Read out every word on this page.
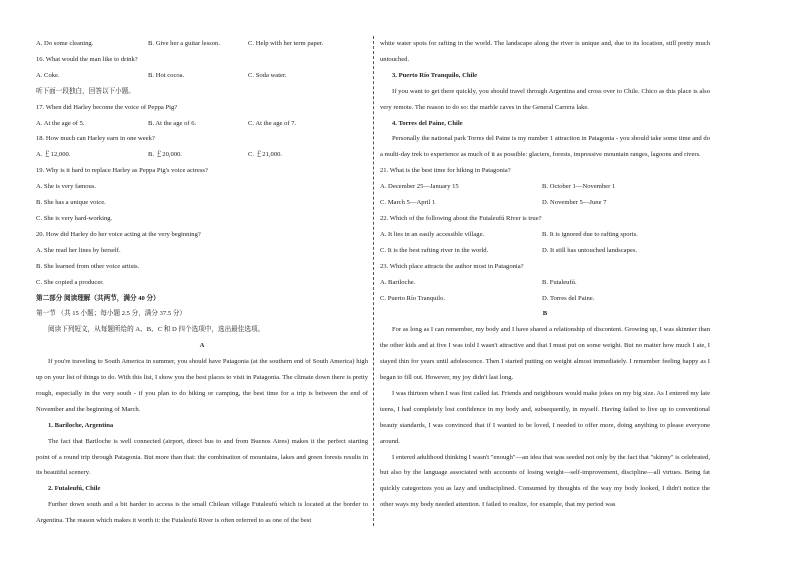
A. Do some cleaning.	B. Give her a guitar lesson.	C. Help with her term paper.
16. What would the man like to drink?
A. Coke.	B. Hot cocoa.	C. Soda water.
听下面一段独白，回答以下小题。
17. When did Harley become the voice of Peppa Pig?
A. At the age of 5.	B. At the age of 6.	C. At the age of 7.
18. How much can Harley earn in one week?
A. ￡12,000.	B. ￡20,000.	C. ￡21,000.
19. Why is it hard to replace Harley as Peppa Pig's voice actress?
A. She is very famous.
B. She has a unique voice.
C. She is very hard-working.
20. How did Harley do her voice acting at the very beginning?
A. She read her lines by herself.
B. She learned from other voice artists.
C. She copied a producer.
第二部分 阅读理解（共两节，满分 40 分）
第一节 （共 15 小题；每小题 2.5 分，满分 37.5 分）
阅读下列短文，从每题所给的 A、B、C 和 D 四个选项中，选出最佳选项。
A
If you're traveling to South America in summer, you should have Patagonia (at the southern end of South America) high up on your list of things to do. With this list, I show you the best places to visit in Patagonia. The climate down there is pretty rough, especially in the very south - if you plan to do hiking or camping, the best time for a trip is between the end of November and the beginning of March.
1. Bariloche, Argentina
The fact that Bariloche is well connected (airport, direct bus to and from Buenos Aires) makes it the perfect starting point of a round trip through Patagonia. But more than that: the combination of mountains, lakes and green forests results in its beautiful scenery.
2. Futaleufú, Chile
Further down south and a bit harder to access is the small Chilean village Futaleufú which is located at the border to Argentina. The reason which makes it worth it: the Futaleufú River is often referred to as one of the best
white water spots for rafting in the world. The landscape along the river is unique and, due to its location, still pretty much untouched.
3. Puerto Río Tranquilo, Chile
If you want to get there quickly, you should travel through Argentina and cross over to Chile. Chico as this place is also very remote. The reason to do so: the marble caves in the General Carrera lake.
4. Torres del Paine, Chile
Personally the national park Torres del Paine is my number 1 attraction in Patagonia - you should take some time and do a multi-day trek to experience as much of it as possible: glaciers, forests, impressive mountain ranges, lagoons and rivers.
21. What is the best time for hiking in Patagonia?
A. December 25—January 15	B. October 1—November 1
C. March 5—April 1	D. November 5—June 7
22. Which of the following about the Futaleufú River is true?
A. It lies in an easily accessible village.	B. It is ignored due to rafting sports.
C. It is the best rafting river in the world.	D. It still has untouched landscapes.
23. Which place attracts the author most in Patagonia?
A. Bariloche.	B. Futaleufú.
C. Puerto Río Tranquilo.	D. Torres del Paine.
B
For as long as I can remember, my body and I have shared a relationship of discontent. Growing up, I was skinnier than the other kids and at five I was told I wasn't attractive and that I must put on some weight. But no matter how much I ate, I stayed thin for years until adolescence. Then I started putting on weight almost immediately. I remember feeling happy as I began to fill out. However, my joy didn't last long.
I was thirteen when I was first called fat. Friends and neighbours would make jokes on my big size. As I entered my late teens, I had completely lost confidence in my body and, subsequently, in myself. Having failed to live up to conventional beauty standards, I was convinced that if I wanted to be loved, I needed to offer more, doing anything to please everyone around.
I entered adulthood thinking I wasn't "enough"—an idea that was seeded not only by the fact that "skinny" is celebrated, but also by the language associated with accounts of losing weight—self-improvement, discipline—all virtues. Being fat quickly categorizes you as lazy and undisciplined. Consumed by thoughts of the way my body looked, I didn't notice the other ways my body needed attention. I failed to realize, for example, that my period was
